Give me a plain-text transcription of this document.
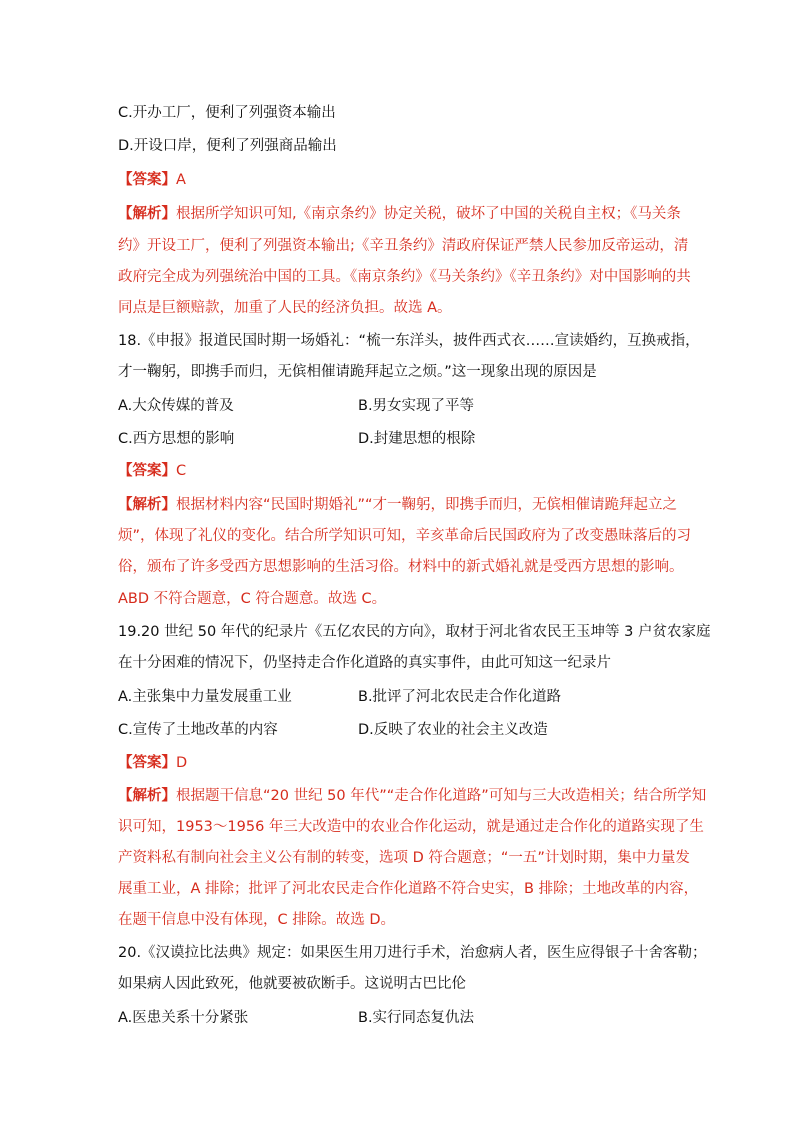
C.开办工厂，便利了列强资本输出
D.开设口岸，便利了列强商品输出
【答案】A
【解析】根据所学知识可知,《南京条约》协定关税，破坏了中国的关税自主权；《马关条
约》开设工厂，便利了列强资本输出;《辛丑条约》清政府保证严禁人民参加反帝运动，清
政府完全成为列强统治中国的工具。《南京条约》《马关条约》《辛丑条约》对中国影响的共
同点是巨额赔款，加重了人民的经济负担。故选 A。
18.《申报》报道民国时期一场婚礼：“梳一东洋头，披件西式衣……宣读婚约，互换戒指，
才一鞠躬，即携手而归，无傧相催请跪拜起立之烦。”这一现象出现的原因是
A.大众传媒的普及	B.男女实现了平等
C.西方思想的影响	D.封建思想的根除
【答案】C
【解析】根据材料内容“民国时期婚礼”“才一鞠躬，即携手而归，无傧相催请跪拜起立之
烦”，体现了礼仪的变化。结合所学知识可知，辛亥革命后民国政府为了改变愚昧落后的习
俗，颁布了许多受西方思想影响的生活习俗。材料中的新式婚礼就是受西方思想的影响。
ABD 不符合题意，C 符合题意。故选 C。
19.20 世纪 50 年代的纪录片《五亿农民的方向》，取材于河北省农民王玉坤等 3 户贫农家庭
在十分困难的情况下，仍坚持走合作化道路的真实事件，由此可知这一纪录片
A.主张集中力量发展重工业	B.批评了河北农民走合作化道路
C.宣传了土地改革的内容	D.反映了农业的社会主义改造
【答案】D
【解析】根据题干信息“20 世纪 50 年代”“走合作化道路”可知与三大改造相关；结合所学知
识可知，1953～1956 年三大改造中的农业合作化运动，就是通过走合作化的道路实现了生
产资料私有制向社会主义公有制的转变，选项 D 符合题意；“一五”计划时期，集中力量发
展重工业，A 排除；批评了河北农民走合作化道路不符合史实，B 排除；土地改革的内容，
在题干信息中没有体现，C 排除。故选 D。
20.《汉谟拉比法典》规定：如果医生用刀进行手术，治愈病人者，医生应得银子十舍客勒；
如果病人因此致死，他就要被砍断手。这说明古巴比伦
A.医患关系十分紧张	B.实行同态复仇法
